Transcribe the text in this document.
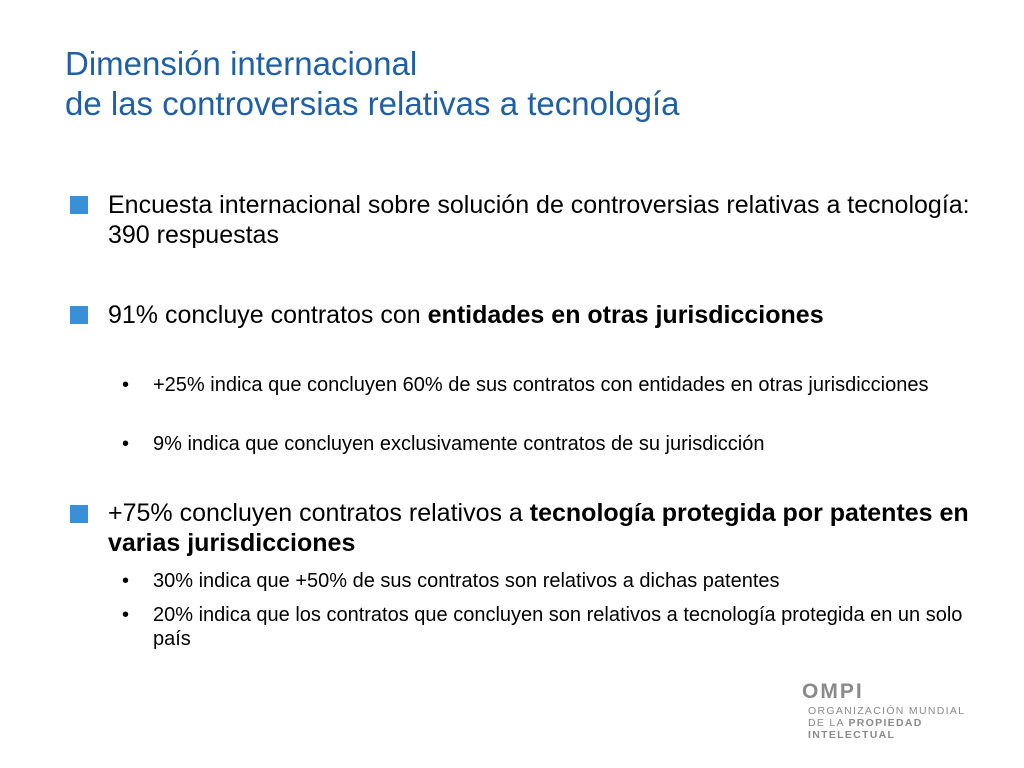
Dimensión internacional
de las controversias relativas a tecnología
Encuesta internacional sobre solución de controversias relativas a tecnología: 390 respuestas
91% concluye contratos con entidades en otras jurisdicciones
• +25% indica que concluyen 60% de sus contratos con entidades en otras jurisdicciones
• 9% indica que concluyen exclusivamente contratos de su jurisdicción
+75% concluyen contratos relativos a tecnología protegida por patentes en varias jurisdicciones
• 30% indica que +50% de sus contratos son relativos a dichas patentes
• 20% indica que los contratos que concluyen son relativos a tecnología protegida en un solo país
OMPI
ORGANIZACIÓN MUNDIAL
DE LA PROPIEDAD
INTELECTUAL
